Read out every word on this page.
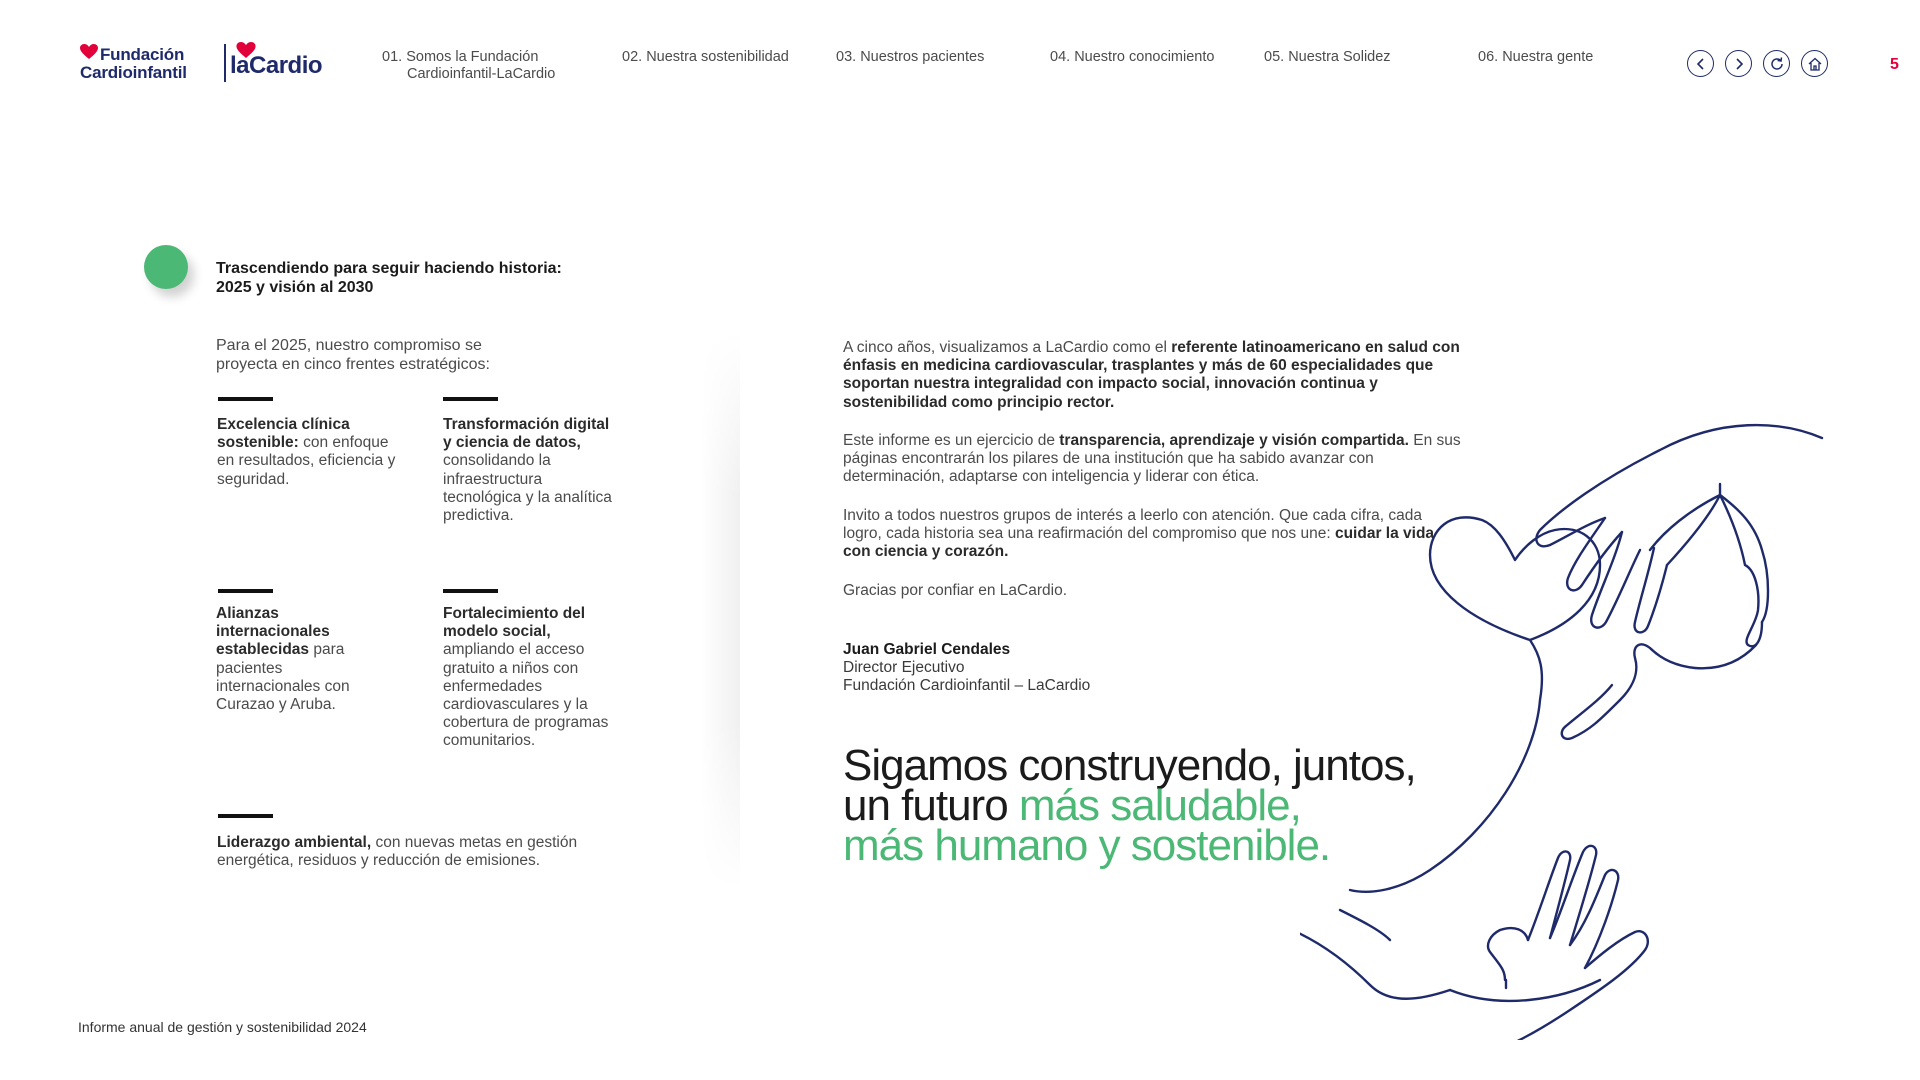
Fundación
Cardioinfantil laCardio	01. Somos la Fundación
Cardioinfantil-LaCardio
02. Nuestra sostenibilidad	03. Nuestros pacientes	04. Nuestro conocimiento	05. Nuestra Solidez	06. Nuestra gente	5
Trascendiendo para seguir haciendo historia:
2025 y visión al 2030
Para el 2025, nuestro compromiso se
proyecta en cinco frentes estratégicos:
Excelencia clínica sostenible: con enfoque en resultados, eficiencia y seguridad.
Transformación digital y ciencia de datos, consolidando la infraestructura tecnológica y la analítica predictiva.
Alianzas internacionales establecidas para pacientes internacionales con Curazao y Aruba.
Fortalecimiento del modelo social, ampliando el acceso gratuito a niños con enfermedades cardiovasculares y la cobertura de programas comunitarios.
Liderazgo ambiental, con nuevas metas en gestión energética, residuos y reducción de emisiones.
A cinco años, visualizamos a LaCardio como el referente latinoamericano en salud con énfasis en medicina cardiovascular, trasplantes y más de 60 especialidades que soportan nuestra integralidad con impacto social, innovación continua y sostenibilidad como principio rector.
Este informe es un ejercicio de transparencia, aprendizaje y visión compartida. En sus páginas encontrarán los pilares de una institución que ha sabido avanzar con determinación, adaptarse con inteligencia y liderar con ética.
Invito a todos nuestros grupos de interés a leerlo con atención. Que cada cifra, cada logro, cada historia sea una reafirmación del compromiso que nos une: cuidar la vida con ciencia y corazón.
Gracias por confiar en LaCardio.
Juan Gabriel Cendales
Director Ejecutivo
Fundación Cardioinfantil – LaCardio
Sigamos construyendo, juntos,
un futuro más saludable,
más humano y sostenible.
Informe anual de gestión y sostenibilidad 2024
